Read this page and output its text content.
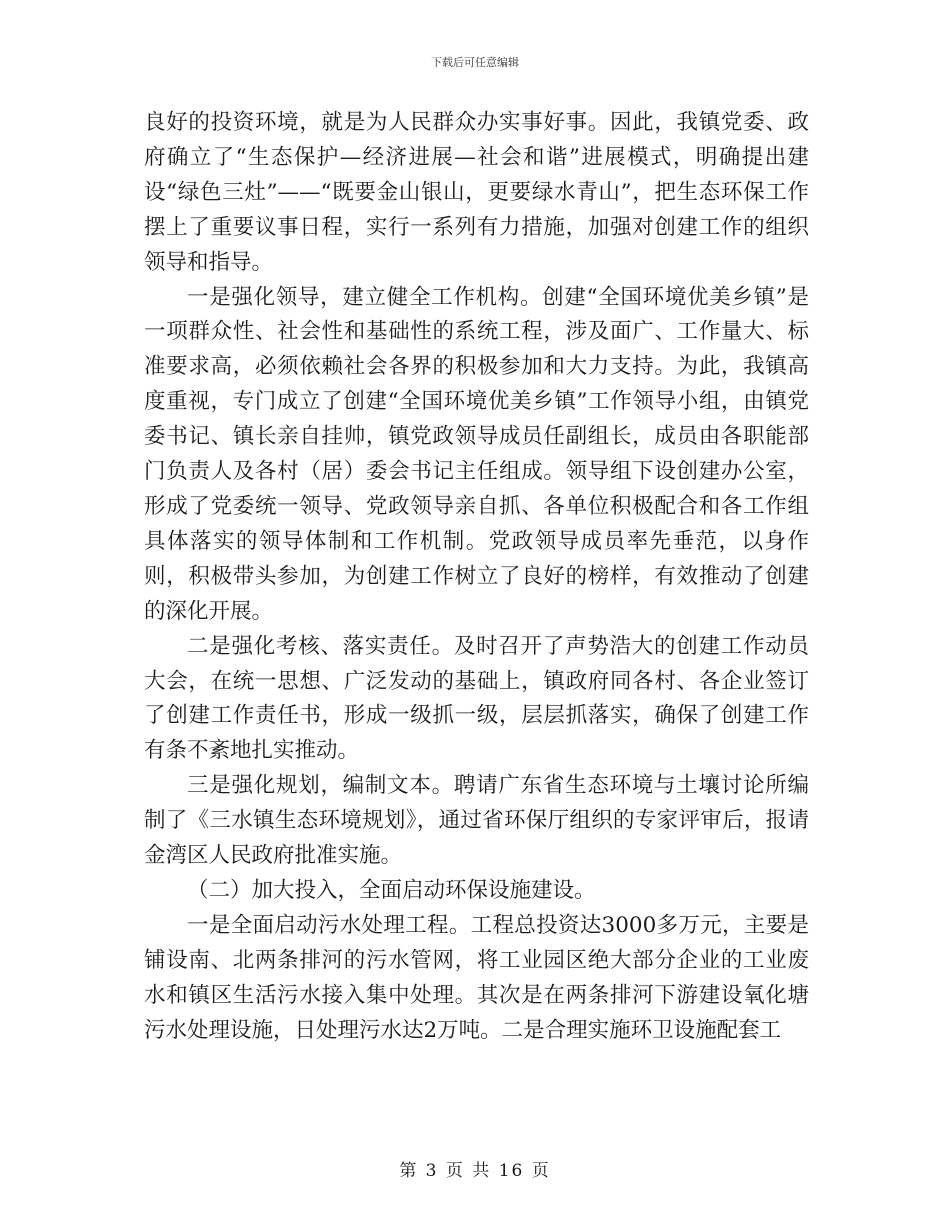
下载后可任意编辑

良好的投资环境，就是为人民群众办实事好事。因此，我镇党委、政府确立了“生态保护—经济进展—社会和谐”进展模式，明确提出建设“绿色三灶”——“既要金山银山，更要绿水青山”，把生态环保工作摆上了重要议事日程，实行一系列有力措施，加强对创建工作的组织领导和指导。

一是强化领导，建立健全工作机构。创建“全国环境优美乡镇”是一项群众性、社会性和基础性的系统工程，涉及面广、工作量大、标准要求高，必须依赖社会各界的积极参加和大力支持。为此，我镇高度重视，专门成立了创建“全国环境优美乡镇”工作领导小组，由镇党委书记、镇长亲自挂帅，镇党政领导成员任副组长，成员由各职能部门负责人及各村（居）委会书记主任组成。领导组下设创建办公室，形成了党委统一领导、党政领导亲自抓、各单位积极配合和各工作组具体落实的领导体制和工作机制。党政领导成员率先垂范，以身作则，积极带头参加，为创建工作树立了良好的榜样，有效推动了创建的深化开展。

二是强化考核、落实责任。及时召开了声势浩大的创建工作动员大会，在统一思想、广泛发动的基础上，镇政府同各村、各企业签订了创建工作责任书，形成一级抓一级，层层抓落实，确保了创建工作有条不紊地扎实推动。

三是强化规划，编制文本。聘请广东省生态环境与土壤讨论所编制了《三水镇生态环境规划》，通过省环保厅组织的专家评审后，报请金湾区人民政府批准实施。

（二）加大投入，全面启动环保设施建设。

一是全面启动污水处理工程。工程总投资达3000多万元，主要是铺设南、北两条排河的污水管网，将工业园区绝大部分企业的工业废水和镇区生活污水接入集中处理。其次是在两条排河下游建设氧化塘污水处理设施，日处理污水达2万吨。二是合理实施环卫设施配套工

第 3 页 共 16 页
